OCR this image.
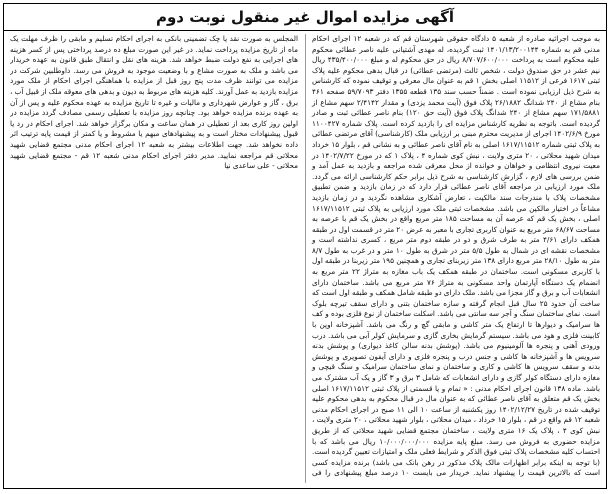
آگهی مزایده اموال غیر منقول نوبت دوم

به موجب اجرائیه صادره از شعبه ۵ دادگاه حقوقی شهرستان قم که در شعبه ۱۲ اجرای احکام مدنی قم به شماره ۱۴۰۱/۱۳/۲۰۰۱۴۴ ثبت گردیده، له مهدی آشتیانی علیه ناصر عطائی محکوم علیه محکوم است به پرداخت ۸/۷۰۷/۶۰۰/۰۰۰ ریال در حق محکوم له و مبلغ ۴۳۵/۴۰۰/۰۰۰ ریال نیم عشر در حق صندوق دولت ، شخص ثالث (مرتضی عطائی) در قبال بدهی محکوم علیه پلاک ثبتی ۱۶۱۷ فرعی از ۱۱۵۱۲ اصلی بخش ۱ قم به عنوان مال معرفی و توقیف نموده که کارشناس به شرح ذیل ارزیابی نموده است . ضمناً حسب سند ۱۳۵ قطعه ۱۳۵۵ دفتر ۵۹/۷۰۹۳ صفحه ۴۶۱ بنام مشاع از ۲۴۰ شدانگ ۲۶/۱۸۸۲ پلاک فوق (آیت محمد یزدی) و مقدار ۲/۴۱۴۲ سهم مشاع از ۱۷۱/۵۸۸۱ سهم مشاع از ۲۴۰ شدانگ پلاک فوق (آیت حق ۱۲۰) بنام ناصر عطائی ثبت و صادر گردیده است. باتوجه به نظریه کارشناس مزایده ای را بازدید کرده است. پلاک شماره ۱۱۰۰۴۲۷ مورخ ۱۴۰۲/۶/۹ اجرای از مدیریت محترم مبنی بر ارزیابی ملک (کارشناسی) آقای مرتضی عطائی به پلاک ثبتی شماره ۱۶۱۷/۱۱۵۱۲ اصلی به نام آقای ناصر عطائی و به نشانی قم ، بلوار ۱۵ خرداد میدان شهید محلاتی ، ۲۰ متری ولایت ، نبش کوی شماره ۴ ، پلاک ۱ که در مورخ ۱۴۰۲/۷/۲۲ در معیت نیروی انتظامی و خواهان و خوانده از محل معرفی شده مراجعه و بازدید به عمل آمد و ضمن بررسی های لازم ، گزارش کارشناسی به شرح ذیل برابر حکم کارشناسی ارائه می گردد. ملک مورد ارزیابی در مراجعه آقای ناصر عطائی قرار دارد که در زمان بازدید و ضمن تطبیق مشخصات پلاک با مندرجات سند مالکیت ، تعارض آشکاری مشاهده نگردید و در زمان بازدید مشاعاً در اختیار مالکین می باشد. مشخصات ثبتی ملک مورد ارزیابی به پلاک ثبتی ۱۶۱۷/۱۱۵۱۲ اصلی ، بخش یک قم که عرصه آن به مساحت ۱۸۵ متر مربع واقع در بخش یک قم با عرصه به مساحت ۶۸/۶۷ متر مربع به عنوان کاربری تجاری با معبر به عرض ۲۰ متر در قسمت اول در طبقه همکف دارای ۴/۶۱ متر به طرف شرق و دو در طبقه دوم متر مربع ، کسری نداشته است و مشخصات نقشه ای در شمال به طول ۵/۵ متر در شرق به طول ۱۰ متر و در غرب به طول ۸/۷ متر به طول ۲۸/۱۰ متر مربع دارای ۱۳۸ متر زیربنای تجاری و همچنین ۱۹۵ متر زیربنا در طبقه اول با کاربری مسکونی است. ساختمان در طبقه همکف یک باب مغازه به متراژ ۲۲ متر مربع به انضمام یک دستگاه آپارتمان واحد مسکونی به متراژ ۷۶ متر مربع می باشد. ساختمان دارای انشعابات آب و برق و گاز مجزا می باشد. ملک دارای دو طبقه شامل همکف و طبقه اول است که ساخت آن حدود ۲۵ سال قبل انجام گرفته و سازه ساختمان بتنی و دارای سقف تیرچه بلوک است. نمای ساختمان سنگ و آجر سه سانتی می باشد. اسکلت ساختمان از نوع فلزی بوده و کف ها سرامیک و دیوارها تا ارتفاع یک متر کاشی و مابقی گچ و رنگ می باشد. آشپزخانه اوپن با کابینت فلزی و هود می باشد. سیستم گرمایش بخاری گازی و سرمایش کولر آبی می باشد. درب ورودی آهنی و پنجره ها آلومینیوم می باشد. (پوشش بدنه سالن کاغذ دیواری) و پوشش بدنه سرویس ها و آشپزخانه ها کاشی و جنس درب و پنجره فلزی و دارای آیفون تصویری و پوشش بدنه و سقف سرویس ها کاشی و کاری و ساختمان و نمای ساختمان سرامیک و سنگ قیچی و مغازه دارای دستگاه کولر گازی و دارای انشعابات که شامل ۳ برق و ۳ گاز و یک آب مشترک می باشد. ماده ۱۳۸ قانون اجرای احکام مدنی : « تمام و یا قسمتی از پلاک ثبتی ۱۶۱۷/۱۱۵۱۲ اصلی بخش یک قم متعلق به آقای ناصر عطائی که به عنوان مال در قبال محکوم به بدهی محکوم علیه توقیف شده در تاریخ ۱۴۰۲/۱۲/۲۷ روز یکشنبه از ساعت ۱۰ الی ۱۱ صبح در اجرای احکام مدنی شعبه ۱۲ قم واقع در قم ، بلوار ۱۵ خرداد ، میدان محلاتی ، بلوار شهید محلاتی ، ۲۰ متری ولایت ، نبش کوی ۴ ، پلاک یک ۱۶ متری ولایت ، ساختمان مجتمع قضایی شهید محلاتی که از طریق مزایده حضوری به فروش می رسد. مبلغ پایه مزایده ۱۰/۰۰۰/۰۰۰/۰۰۰ ریال می باشد که با احتساب کلیه مشخصات پلاک ثبتی فوق الذکر و شرایط فعلی ملک و امتیازات تعیین گردیده است. (با توجه به اینکه برابر اظهارات مالک پلاک مذکور در رهن بانک می باشد) برنده مزایده کسی است که بالاترین قیمت را پیشنهاد نماید. خریدار می بایست ۱۰ درصد مبلغ پیشنهادی را فی المجلس به صورت نقد یا چک تضمینی بانکی به اجرای احکام تسلیم و مابقی را ظرف مهلت یک ماه از تاریخ مزایده پرداخت نماید. در غیر این صورت مبلغ ده درصد پرداختی پس از کسر هزینه های اجرایی به نفع دولت ضبط خواهد شد. هزینه های نقل و انتقال طبق قانون به عهده خریدار می باشد و ملک به صورت مشاع و با وضعیت موجود به فروش می رسد. داوطلبین شرکت در مزایده می توانند ظرف مدت پنج روز قبل از مزایده با هماهنگی اجرای احکام از ملک مورد مزایده بازدید به عمل آورند. کلیه هزینه های مربوط به دیون و بدهی های معوقه ملک از قبیل آب ، برق ، گاز و عوارض شهرداری و مالیات و غیره تا تاریخ مزایده به عهده محکوم علیه و پس از آن به عهده برنده مزایده خواهد بود. چنانچه روز مزایده با تعطیلی رسمی مصادف گردد مزایده در اولین روز کاری بعد از تعطیلی در همان ساعت و مکان برگزار خواهد شد. اجرای احکام در رد یا قبول پیشنهادات مختار است و به پیشنهادهای مبهم یا مشروط و یا کمتر از قیمت پایه ترتیب اثر داده نخواهد شد. جهت اطلاعات بیشتر به شعبه ۱۲ اجرای احکام مدنی مجتمع قضایی شهید محلاتی قم مراجعه نمایید. مدیر دفتر اجرای احکام مدنی شعبه ۱۲ قم - مجتمع قضایی شهید محلاتی - علی ساعدی نیا
